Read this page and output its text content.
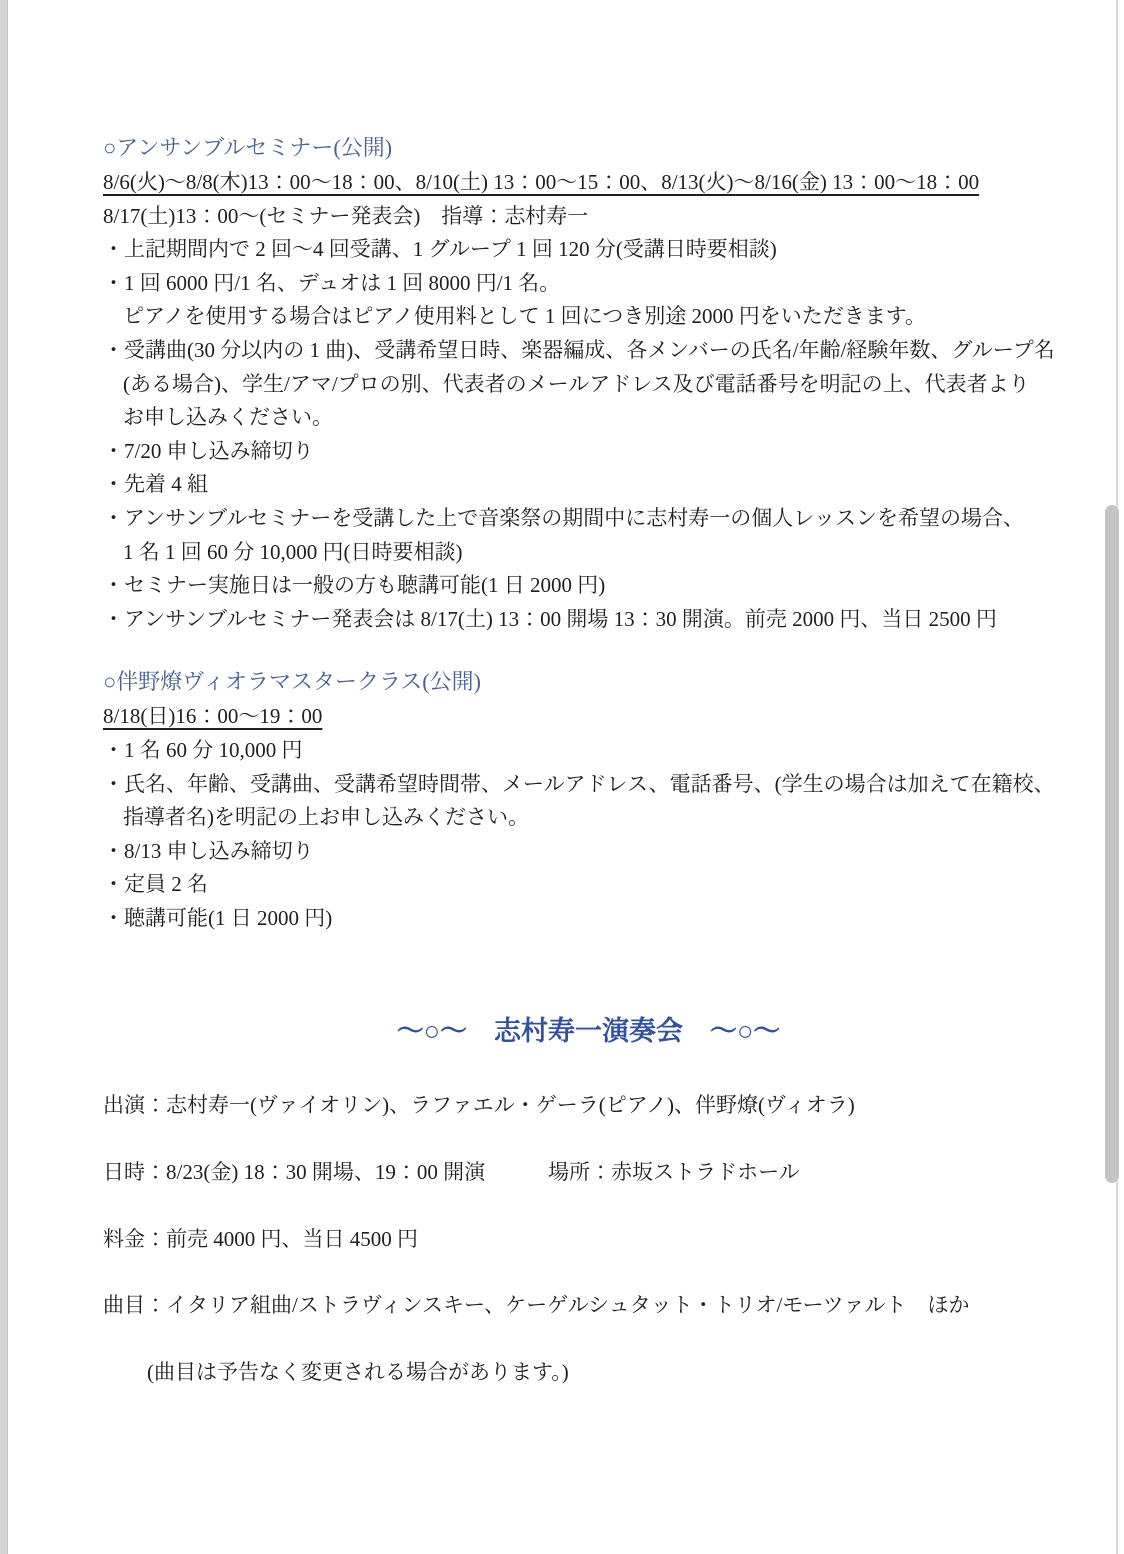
○アンサンブルセミナー(公開)
8/6(火)～8/8(木)13：00～18：00、8/10(土) 13：00～15：00、8/13(火)～8/16(金) 13：00～18：00
8/17(土)13：00～(セミナー発表会)　指導：志村寿一
・上記期間内で 2 回～4 回受講、1 グループ 1 回 120 分(受講日時要相談)
・1 回 6000 円/1 名、デュオは 1 回 8000 円/1 名。
ピアノを使用する場合はピアノ使用料として 1 回につき別途 2000 円をいただきます。
・受講曲(30 分以内の 1 曲)、受講希望日時、楽器編成、各メンバーの氏名/年齢/経験年数、グループ名
(ある場合)、学生/アマ/プロの別、代表者のメールアドレス及び電話番号を明記の上、代表者より
お申し込みください。
・7/20 申し込み締切り
・先着 4 組
・アンサンブルセミナーを受講した上で音楽祭の期間中に志村寿一の個人レッスンを希望の場合、
1 名 1 回 60 分 10,000 円(日時要相談)
・セミナー実施日は一般の方も聴講可能(1 日 2000 円)
・アンサンブルセミナー発表会は 8/17(土) 13：00 開場 13：30 開演。前売 2000 円、当日 2500 円
○伴野燎ヴィオラマスタークラス(公開)
8/18(日)16：00～19：00
・1 名 60 分 10,000 円
・氏名、年齢、受講曲、受講希望時間帯、メールアドレス、電話番号、(学生の場合は加えて在籍校、
指導者名)を明記の上お申し込みください。
・8/13 申し込み締切り
・定員 2 名
・聴講可能(1 日 2000 円)
～○～　志村寿一演奏会　～○～
出演：志村寿一(ヴァイオリン)、ラファエル・ゲーラ(ピアノ)、伴野燎(ヴィオラ)
日時：8/23(金) 18：30 開場、19：00 開演　　　場所：赤坂ストラドホール
料金：前売 4000 円、当日 4500 円
曲目：イタリア組曲/ストラヴィンスキー、ケーゲルシュタット・トリオ/モーツァルト　ほか
(曲目は予告なく変更される場合があります。)
